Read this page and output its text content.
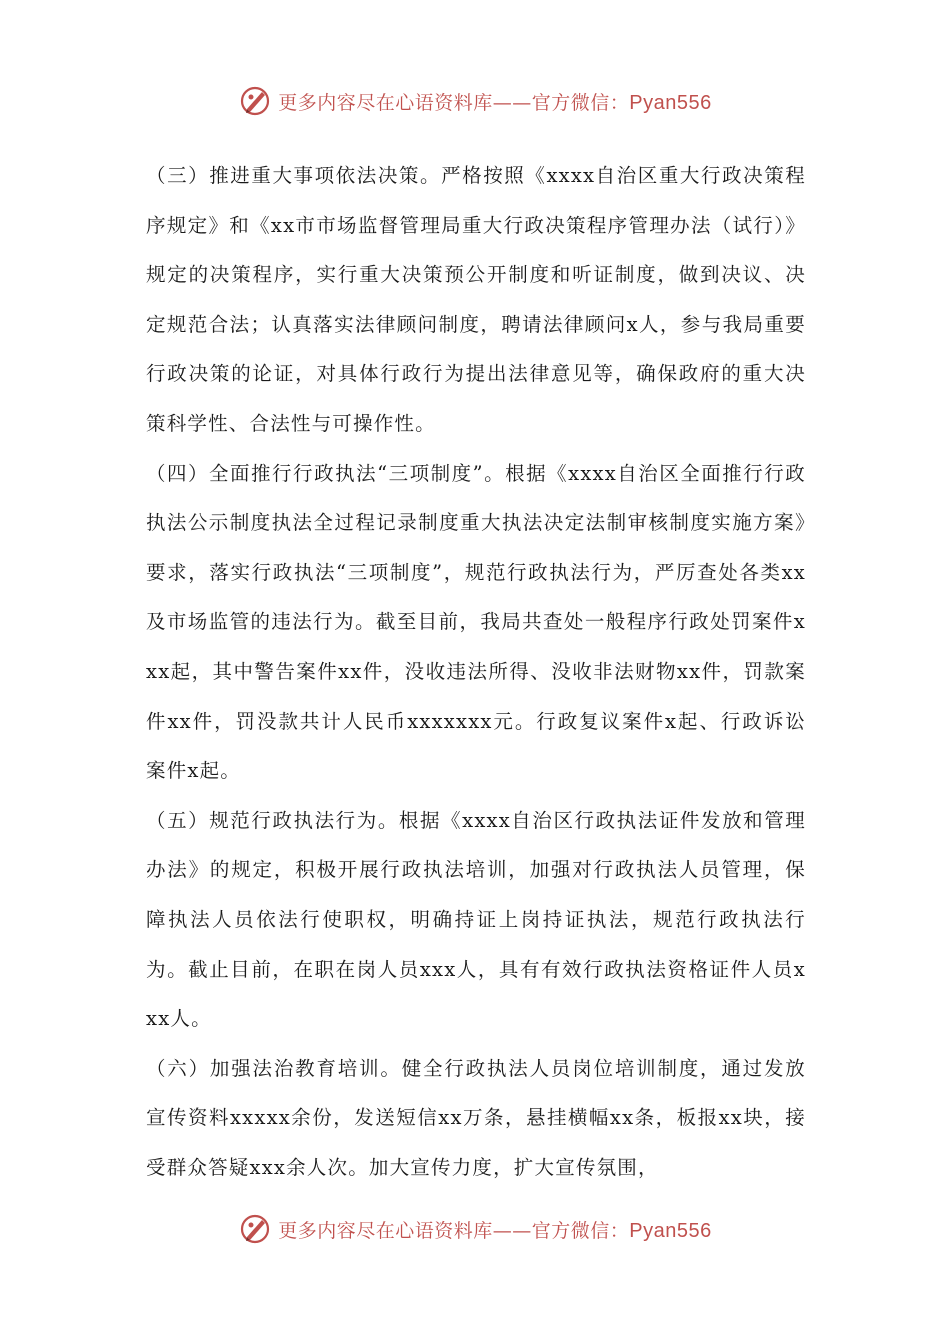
更多内容尽在心语资料库——官方微信：Pyan556

（三）推进重大事项依法决策。严格按照《xxxx自治区重大行政决策程序规定》和《xx市市场监督管理局重大行政决策程序管理办法（试行）》规定的决策程序，实行重大决策预公开制度和听证制度，做到决议、决定规范合法；认真落实法律顾问制度，聘请法律顾问x人，参与我局重要行政决策的论证，对具体行政行为提出法律意见等，确保政府的重大决策科学性、合法性与可操作性。

（四）全面推行行政执法“三项制度”。根据《xxxx自治区全面推行行政执法公示制度执法全过程记录制度重大执法决定法制审核制度实施方案》要求，落实行政执法“三项制度”，规范行政执法行为，严厉查处各类xx及市场监管的违法行为。截至目前，我局共查处一般程序行政处罚案件xxx起，其中警告案件xx件，没收违法所得、没收非法财物xx件，罚款案件xx件，罚没款共计人民币xxxxxxx元。行政复议案件x起、行政诉讼案件x起。

（五）规范行政执法行为。根据《xxxx自治区行政执法证件发放和管理办法》的规定，积极开展行政执法培训，加强对行政执法人员管理，保障执法人员依法行使职权，明确持证上岗持证执法，规范行政执法行为。截止目前，在职在岗人员xxx人，具有有效行政执法资格证件人员xxx人。

（六）加强法治教育培训。健全行政执法人员岗位培训制度，通过发放宣传资料xxxxx余份，发送短信xx万条，悬挂横幅xx条，板报xx块，接受群众答疑xxx余人次。加大宣传力度，扩大宣传氛围，

更多内容尽在心语资料库——官方微信：Pyan556
